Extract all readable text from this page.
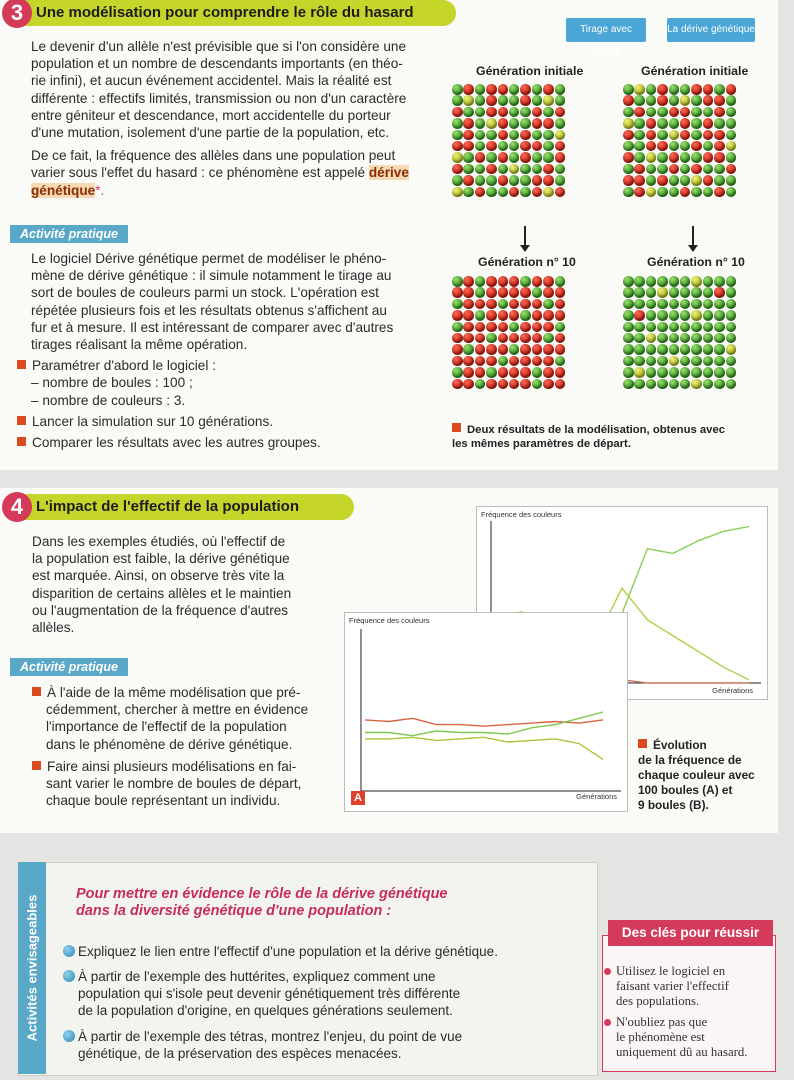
Une modélisation pour comprendre le rôle du hasard
3
Tirage avec remise
La dérive génétique
Le devenir d'un allèle n'est prévisible que si l'on considère une
population et un nombre de descendants importants (en théo-
rie infini), et aucun événement accidentel. Mais la réalité est
différente : effectifs limités, transmission ou non d'un caractère
entre géniteur et descendance, mort accidentelle du porteur
d'une mutation, isolement d'une partie de la population, etc.
De ce fait, la fréquence des allèles dans une population peut
varier sous l'effet du hasard : ce phénomène est appelé dérive
génétique*.
Activité pratique
Le logiciel Dérive génétique permet de modéliser le phéno-
mène de dérive génétique : il simule notamment le tirage au
sort de boules de couleurs parmi un stock. L'opération est
répétée plusieurs fois et les résultats obtenus s'affichent au
fur et à mesure. Il est intéressant de comparer avec d'autres
tirages réalisant la même opération.
Paramétrer d'abord le logiciel :
– nombre de boules : 100 ;
– nombre de couleurs : 3.
Lancer la simulation sur 10 générations.
Comparer les résultats avec les autres groupes.
Génération initiale	Génération initiale
Génération n° 10	Génération n° 10
Deux résultats de la modélisation, obtenus avec
les mêmes paramètres de départ.
L'impact de l'effectif de la population
4
Dans les exemples étudiés, où l'effectif de
la population est faible, la dérive génétique
est marquée. Ainsi, on observe très vite la
disparition de certains allèles et le maintien
ou l'augmentation de la fréquence d'autres
allèles.
Activité pratique
À l'aide de la même modélisation que pré-
cédemment, chercher à mettre en évidence
l'importance de l'effectif de la population
dans le phénomène de dérive génétique.
Faire ainsi plusieurs modélisations en fai-
sant varier le nombre de boules de départ,
chaque boule représentant un individu.
Fréquence des couleurs
Générations
Fréquence des couleurs
Générations
A
Évolution
de la fréquence de
chaque couleur avec
100 boules (A) et
9 boules (B).
Activités envisageables
Pour mettre en évidence le rôle de la dérive génétique
dans la diversité génétique d'une population :
Expliquez le lien entre l'effectif d'une population et la dérive génétique.
À partir de l'exemple des huttérites, expliquez comment une
population qui s'isole peut devenir génétiquement très différente
de la population d'origine, en quelques générations seulement.
À partir de l'exemple des tétras, montrez l'enjeu, du point de vue
génétique, de la préservation des espèces menacées.
Des clés pour réussir
Utilisez le logiciel en
faisant varier l'effectif
des populations.
N'oubliez pas que
le phénomène est
uniquement dû au hasard.
